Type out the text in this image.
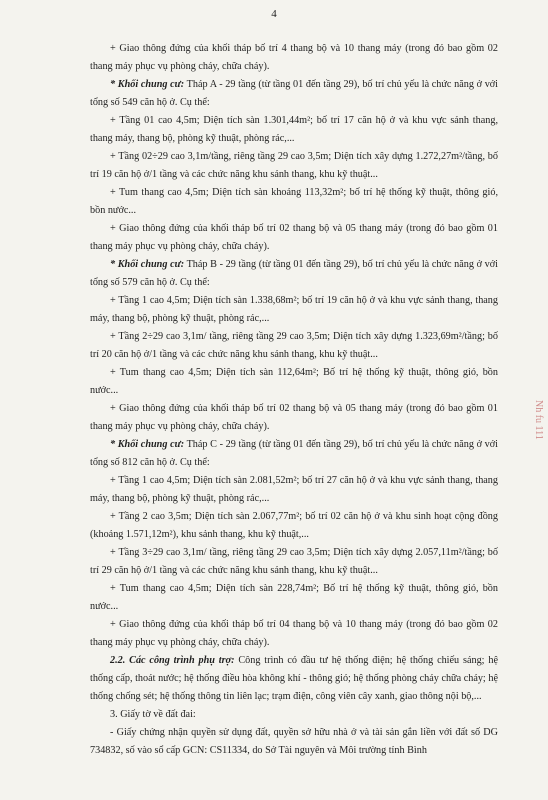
4

+ Giao thông đứng của khối tháp bố trí 4 thang bộ và 10 thang máy (trong đó bao gồm 02 thang máy phục vụ phòng cháy, chữa cháy).

* Khối chung cư: Tháp A - 29 tầng (từ tầng 01 đến tầng 29), bố trí chủ yếu là chức năng ở với tổng số 549 căn hộ ở. Cụ thể:

+ Tầng 01 cao 4,5m; Diện tích sàn 1.301,44m²; bố trí 17 căn hộ ở và khu vực sảnh thang, thang máy, thang bộ, phòng kỹ thuật, phòng rác,...

+ Tầng 02÷29 cao 3,1m/tầng, riêng tầng 29 cao 3,5m; Diện tích xây dựng 1.272,27m²/tầng, bố trí 19 căn hộ ở/1 tầng và các chức năng khu sảnh thang, khu kỹ thuật...

+ Tum thang cao 4,5m; Diện tích sàn khoảng 113,32m²; bố trí hệ thống kỹ thuật, thông gió, bồn nước...

+ Giao thông đứng của khối tháp bố trí 02 thang bộ và 05 thang máy (trong đó bao gồm 01 thang máy phục vụ phòng cháy, chữa cháy).

* Khối chung cư: Tháp B - 29 tầng (từ tầng 01 đến tầng 29), bố trí chủ yếu là chức năng ở với tổng số 579 căn hộ ở. Cụ thể:

+ Tầng 1 cao 4,5m; Diện tích sàn 1.338,68m²; bố trí 19 căn hộ ở và khu vực sảnh thang, thang máy, thang bộ, phòng kỹ thuật, phòng rác,...

+ Tầng 2÷29 cao 3,1m/ tầng, riêng tầng 29 cao 3,5m; Diện tích xây dựng 1.323,69m²/tầng; bố trí 20 căn hộ ở/1 tầng và các chức năng khu sảnh thang, khu kỹ thuật...

+ Tum thang cao 4,5m; Diện tích sàn 112,64m²; Bố trí hệ thống kỹ thuật, thông gió, bồn nước...

+ Giao thông đứng của khối tháp bố trí 02 thang bộ và 05 thang máy (trong đó bao gồm 01 thang máy phục vụ phòng cháy, chữa cháy).

* Khối chung cư: Tháp C - 29 tầng (từ tầng 01 đến tầng 29), bố trí chủ yếu là chức năng ở với tổng số 812 căn hộ ở. Cụ thể:

+ Tầng 1 cao 4,5m; Diện tích sàn 2.081,52m²; bố trí 27 căn hộ ở và khu vực sảnh thang, thang máy, thang bộ, phòng kỹ thuật, phòng rác,...

+ Tầng 2 cao 3,5m; Diện tích sàn 2.067,77m²; bố trí 02 căn hộ ở và khu sinh hoạt cộng đồng (khoảng 1.571,12m²), khu sảnh thang, khu kỹ thuật,...

+ Tầng 3÷29 cao 3,1m/ tầng, riêng tầng 29 cao 3,5m; Diện tích xây dựng 2.057,11m²/tầng; bố trí 29 căn hộ ở/1 tầng và các chức năng khu sảnh thang, khu kỹ thuật...

+ Tum thang cao 4,5m; Diện tích sàn 228,74m²; Bố trí hệ thống kỹ thuật, thông gió, bồn nước...

+ Giao thông đứng của khối tháp bố trí 04 thang bộ và 10 thang máy (trong đó bao gồm 02 thang máy phục vụ phòng cháy, chữa cháy).

2.2. Các công trình phụ trợ: Công trình có đầu tư hệ thống điện; hệ thống chiếu sáng; hệ thống cấp, thoát nước; hệ thống điều hòa không khí - thông gió; hệ thống phòng cháy chữa cháy; hệ thống chống sét; hệ thống thông tin liên lạc; trạm điện, công viên cây xanh, giao thông nội bộ,...

3. Giấy tờ về đất đai:

- Giấy chứng nhận quyền sử dụng đất, quyền sở hữu nhà ở và tài sản gắn liền với đất số DG 734832, số vào sổ cấp GCN: CS11334, do Sở Tài nguyên và Môi trường tỉnh Bình

Nh fu 111
